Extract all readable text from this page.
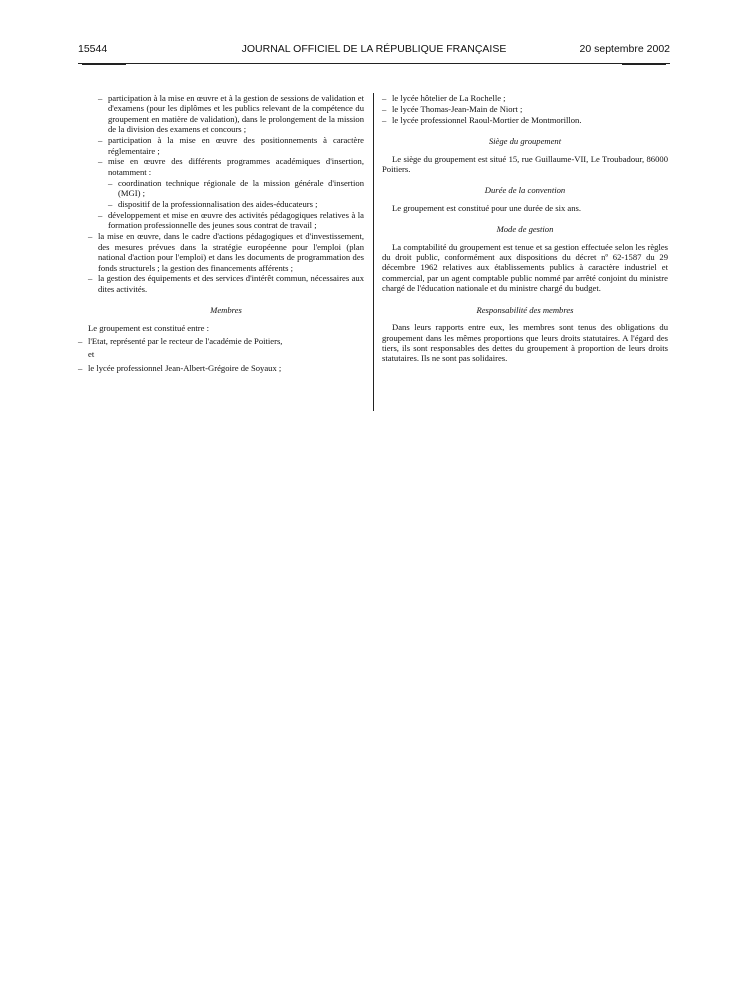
15544	JOURNAL OFFICIEL DE LA RÉPUBLIQUE FRANÇAISE	20 septembre 2002
– participation à la mise en œuvre et à la gestion de sessions de validation et d'examens (pour les diplômes et les publics relevant de la compétence du groupement en matière de validation), dans le prolongement de la mission de la division des examens et concours ;
– participation à la mise en œuvre des positionnements à caractère réglementaire ;
– mise en œuvre des différents programmes académiques d'insertion, notamment :
– coordination technique régionale de la mission générale d'insertion (MGI) ;
– dispositif de la professionnalisation des aides-éducateurs ;
– développement et mise en œuvre des activités pédagogiques relatives à la formation professionnelle des jeunes sous contrat de travail ;
– la mise en œuvre, dans le cadre d'actions pédagogiques et d'investissement, des mesures prévues dans la stratégie européenne pour l'emploi (plan national d'action pour l'emploi) et dans les documents de programmation des fonds structurels ; la gestion des financements afférents ;
– la gestion des équipements et des services d'intérêt commun, nécessaires aux dites activités.
Membres
Le groupement est constitué entre :
– l'Etat, représenté par le recteur de l'académie de Poitiers,
et
– le lycée professionnel Jean-Albert-Grégoire de Soyaux ;
– le lycée hôtelier de La Rochelle ;
– le lycée Thomas-Jean-Main de Niort ;
– le lycée professionnel Raoul-Mortier de Montmorillon.
Siège du groupement
Le siège du groupement est situé 15, rue Guillaume-VII, Le Troubadour, 86000 Poitiers.
Durée de la convention
Le groupement est constitué pour une durée de six ans.
Mode de gestion
La comptabilité du groupement est tenue et sa gestion effectuée selon les règles du droit public, conformément aux dispositions du décret nº 62-1587 du 29 décembre 1962 relatives aux établissements publics à caractère industriel et commercial, par un agent comptable public nommé par arrêté conjoint du ministre chargé de l'éducation nationale et du ministre chargé du budget.
Responsabilité des membres
Dans leurs rapports entre eux, les membres sont tenus des obligations du groupement dans les mêmes proportions que leurs droits statutaires. A l'égard des tiers, ils sont responsables des dettes du groupement à proportion de leurs droits statutaires. Ils ne sont pas solidaires.
